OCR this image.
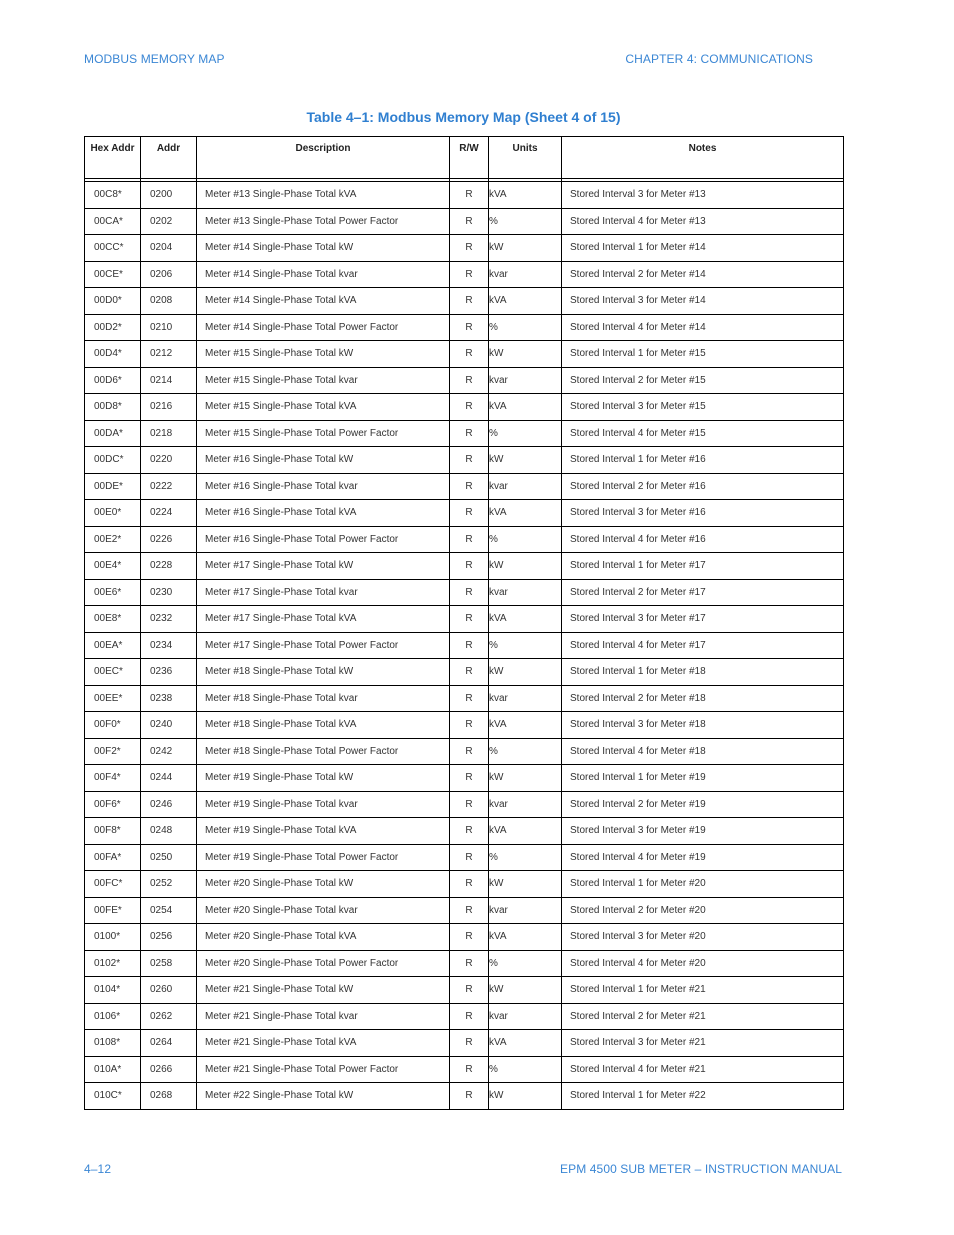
MODBUS MEMORY MAP	CHAPTER 4: COMMUNICATIONS
Table 4–1: Modbus Memory Map (Sheet 4 of 15)
Hex Addr	Addr	Description	R/W	Units	Notes

00C8*	0200	Meter #13 Single-Phase Total kVA	R	kVA	Stored Interval 3 for Meter #13
00CA*	0202	Meter #13 Single-Phase Total Power Factor	R	%	Stored Interval 4 for Meter #13
00CC*	0204	Meter #14 Single-Phase Total kW	R	kW	Stored Interval 1 for Meter #14
00CE*	0206	Meter #14 Single-Phase Total kvar	R	kvar	Stored Interval 2 for Meter #14
00D0*	0208	Meter #14 Single-Phase Total kVA	R	kVA	Stored Interval 3 for Meter #14
00D2*	0210	Meter #14 Single-Phase Total Power Factor	R	%	Stored Interval 4 for Meter #14
00D4*	0212	Meter #15 Single-Phase Total kW	R	kW	Stored Interval 1 for Meter #15
00D6*	0214	Meter #15 Single-Phase Total kvar	R	kvar	Stored Interval 2 for Meter #15
00D8*	0216	Meter #15 Single-Phase Total kVA	R	kVA	Stored Interval 3 for Meter #15
00DA*	0218	Meter #15 Single-Phase Total Power Factor	R	%	Stored Interval 4 for Meter #15
00DC*	0220	Meter #16 Single-Phase Total kW	R	kW	Stored Interval 1 for Meter #16
00DE*	0222	Meter #16 Single-Phase Total kvar	R	kvar	Stored Interval 2 for Meter #16
00E0*	0224	Meter #16 Single-Phase Total kVA	R	kVA	Stored Interval 3 for Meter #16
00E2*	0226	Meter #16 Single-Phase Total Power Factor	R	%	Stored Interval 4 for Meter #16
00E4*	0228	Meter #17 Single-Phase Total kW	R	kW	Stored Interval 1 for Meter #17
00E6*	0230	Meter #17 Single-Phase Total kvar	R	kvar	Stored Interval 2 for Meter #17
00E8*	0232	Meter #17 Single-Phase Total kVA	R	kVA	Stored Interval 3 for Meter #17
00EA*	0234	Meter #17 Single-Phase Total Power Factor	R	%	Stored Interval 4 for Meter #17
00EC*	0236	Meter #18 Single-Phase Total kW	R	kW	Stored Interval 1 for Meter #18
00EE*	0238	Meter #18 Single-Phase Total kvar	R	kvar	Stored Interval 2 for Meter #18
00F0*	0240	Meter #18 Single-Phase Total kVA	R	kVA	Stored Interval 3 for Meter #18
00F2*	0242	Meter #18 Single-Phase Total Power Factor	R	%	Stored Interval 4 for Meter #18
00F4*	0244	Meter #19 Single-Phase Total kW	R	kW	Stored Interval 1 for Meter #19
00F6*	0246	Meter #19 Single-Phase Total kvar	R	kvar	Stored Interval 2 for Meter #19
00F8*	0248	Meter #19 Single-Phase Total kVA	R	kVA	Stored Interval 3 for Meter #19
00FA*	0250	Meter #19 Single-Phase Total Power Factor	R	%	Stored Interval 4 for Meter #19
00FC*	0252	Meter #20 Single-Phase Total kW	R	kW	Stored Interval 1 for Meter #20
00FE*	0254	Meter #20 Single-Phase Total kvar	R	kvar	Stored Interval 2 for Meter #20
0100*	0256	Meter #20 Single-Phase Total kVA	R	kVA	Stored Interval 3 for Meter #20
0102*	0258	Meter #20 Single-Phase Total Power Factor	R	%	Stored Interval 4 for Meter #20
0104*	0260	Meter #21 Single-Phase Total kW	R	kW	Stored Interval 1 for Meter #21
0106*	0262	Meter #21 Single-Phase Total kvar	R	kvar	Stored Interval 2 for Meter #21
0108*	0264	Meter #21 Single-Phase Total kVA	R	kVA	Stored Interval 3 for Meter #21
010A*	0266	Meter #21 Single-Phase Total Power Factor	R	%	Stored Interval 4 for Meter #21
010C*	0268	Meter #22 Single-Phase Total kW	R	kW	Stored Interval 1 for Meter #22
4–12	EPM 4500 SUB METER – INSTRUCTION MANUAL
